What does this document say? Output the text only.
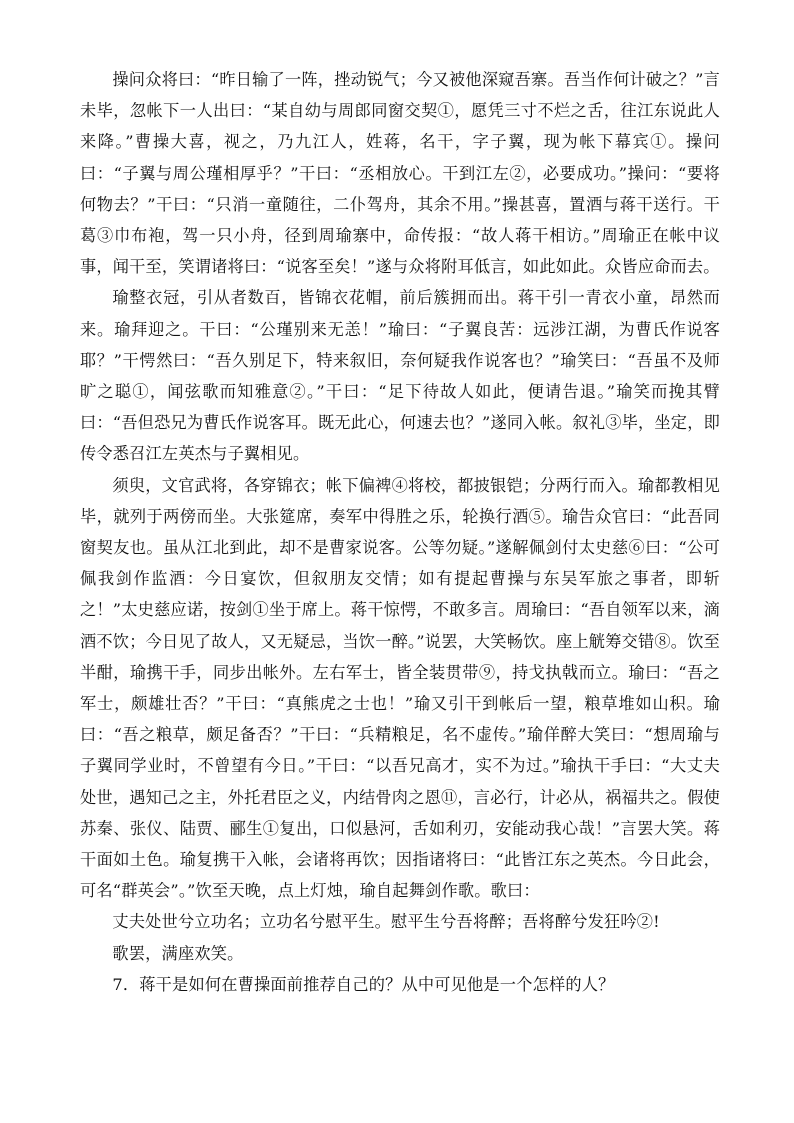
操问众将曰：“昨日输了一阵，挫动锐气；今又被他深窥吾寨。吾当作何计破之？”言未毕，忽帐下一人出曰：“某自幼与周郎同窗交契①，愿凭三寸不烂之舌，往江东说此人来降。”曹操大喜，视之，乃九江人，姓蒋，名干，字子翼，现为帐下幕宾①。操问曰：“子翼与周公瑾相厚乎？”干曰：“丞相放心。干到江左②，必要成功。”操问：“要将何物去？”干曰：“只消一童随往，二仆驾舟，其余不用。”操甚喜，置酒与蒋干送行。干葛③巾布袍，驾一只小舟，径到周瑜寨中，命传报：“故人蒋干相访。”周瑜正在帐中议事，闻干至，笑谓诸将曰：“说客至矣！”遂与众将附耳低言，如此如此。众皆应命而去。

瑜整衣冠，引从者数百，皆锦衣花帽，前后簇拥而出。蒋干引一青衣小童，昂然而来。瑜拜迎之。干曰：“公瑾别来无恙！”瑜曰：“子翼良苦：远涉江湖，为曹氏作说客耶？”干愕然曰：“吾久别足下，特来叙旧，奈何疑我作说客也？”瑜笑曰：“吾虽不及师旷之聪①，闻弦歌而知雅意②。”干曰：“足下待故人如此，便请告退。”瑜笑而挽其臂曰：“吾但恐兄为曹氏作说客耳。既无此心，何速去也？”遂同入帐。叙礼③毕，坐定，即传令悉召江左英杰与子翼相见。

须臾，文官武将，各穿锦衣；帐下偏裨④将校，都披银铠；分两行而入。瑜都教相见毕，就列于两傍而坐。大张筵席，奏军中得胜之乐，轮换行酒⑤。瑜告众官曰：“此吾同窗契友也。虽从江北到此，却不是曹家说客。公等勿疑。”遂解佩剑付太史慈⑥曰：“公可佩我剑作监酒：今日宴饮，但叙朋友交情；如有提起曹操与东吴军旅之事者，即斩之！”太史慈应诺，按剑①坐于席上。蒋干惊愕，不敢多言。周瑜曰：“吾自领军以来，滴酒不饮；今日见了故人，又无疑忌，当饮一醉。”说罢，大笑畅饮。座上觥筹交错⑧。饮至半酣，瑜携干手，同步出帐外。左右军士，皆全装贯带⑨，持戈执戟而立。瑜曰：“吾之军士，颇雄壮否？”干曰：“真熊虎之士也！”瑜又引干到帐后一望，粮草堆如山积。瑜曰：“吾之粮草，颇足备否？”干曰：“兵精粮足，名不虚传。”瑜佯醉大笑曰：“想周瑜与子翼同学业时，不曾望有今日。”干曰：“以吾兄高才，实不为过。”瑜执干手曰：“大丈夫处世，遇知己之主，外托君臣之义，内结骨肉之恩⑪，言必行，计必从，祸福共之。假使苏秦、张仪、陆贾、郦生①复出，口似悬河，舌如利刃，安能动我心哉！”言罢大笑。蒋干面如土色。瑜复携干入帐，会诸将再饮；因指诸将曰：“此皆江东之英杰。今日此会，可名“群英会”。”饮至天晚，点上灯烛，瑜自起舞剑作歌。歌曰：

丈夫处世兮立功名；立功名兮慰平生。慰平生兮吾将醉；吾将醉兮发狂吟②!

歌罢，满座欢笑。

7．蒋干是如何在曹操面前推荐自己的？从中可见他是一个怎样的人？
